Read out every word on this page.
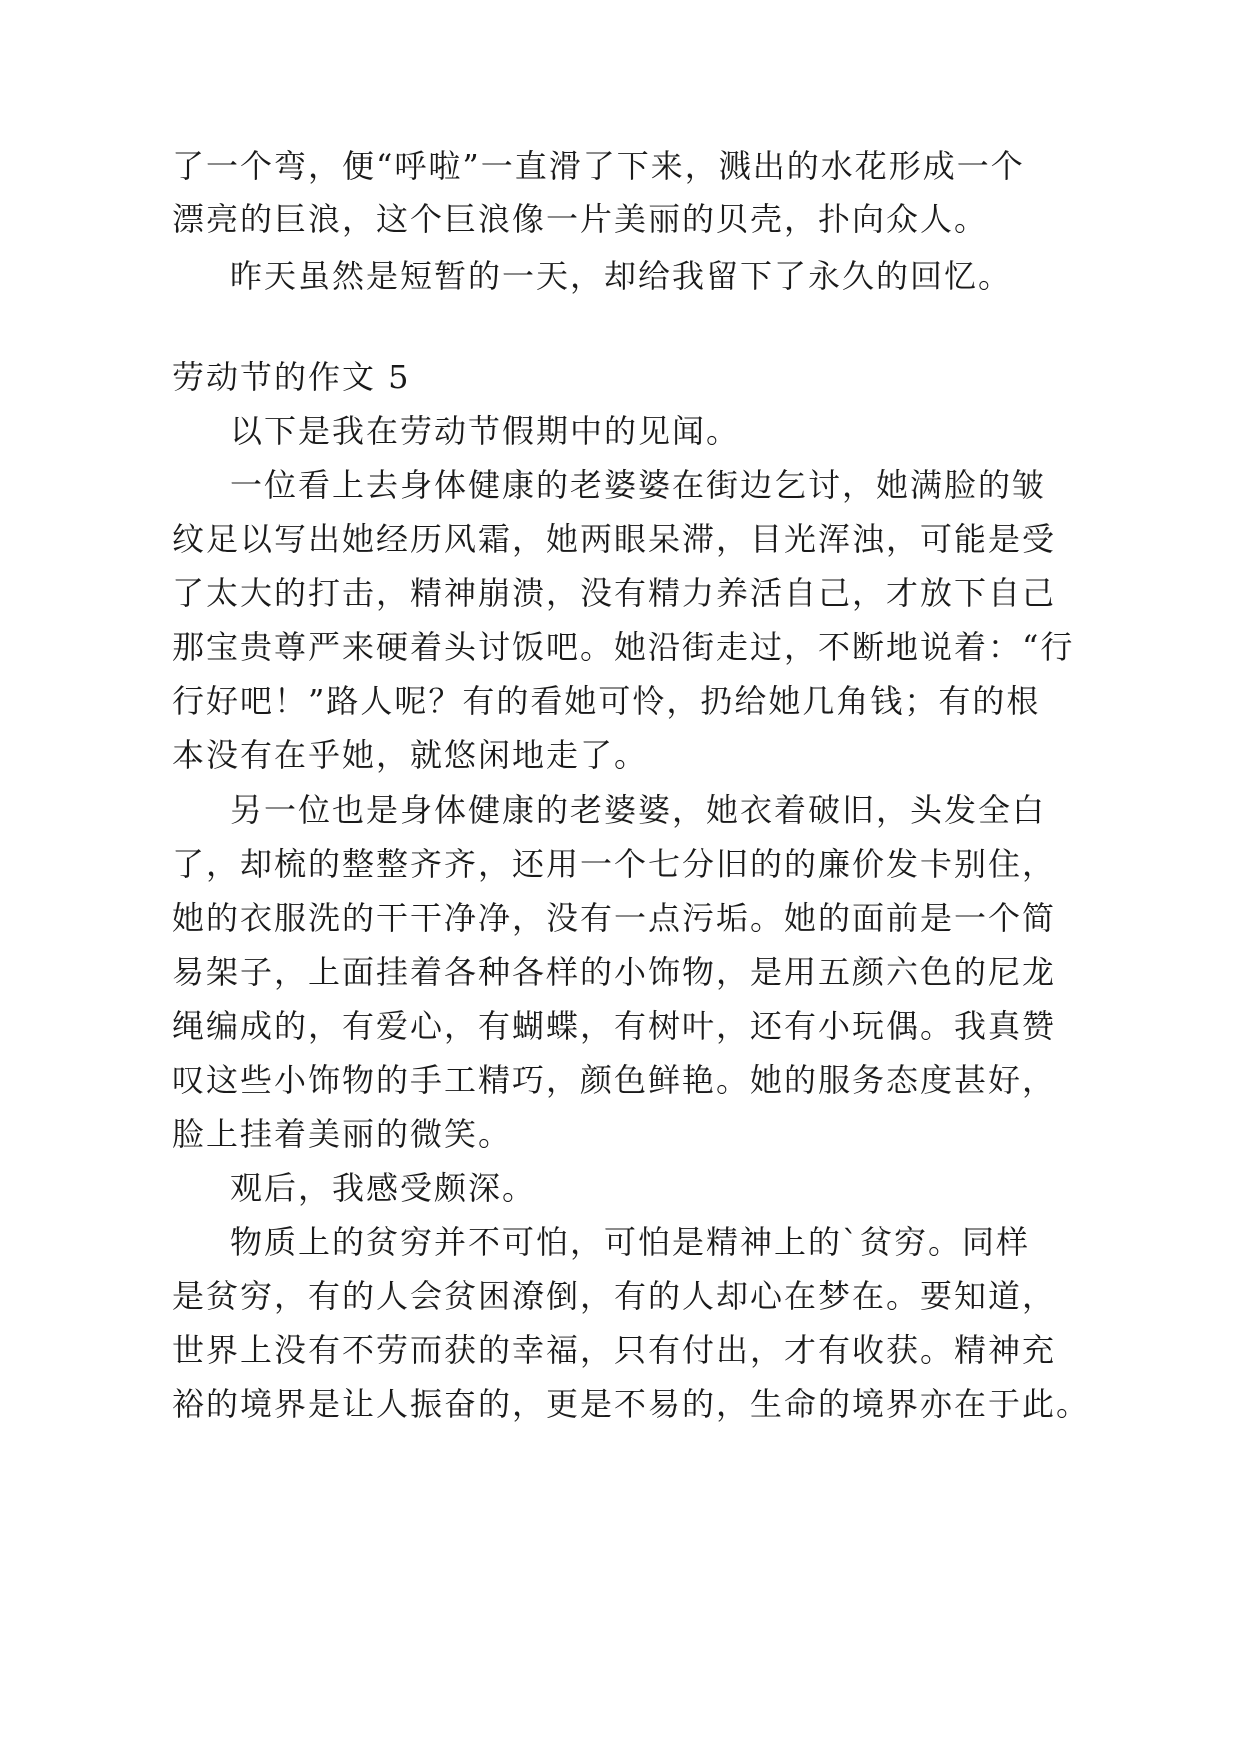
了一个弯，便“呼啦”一直滑了下来，溅出的水花形成一个
漂亮的巨浪，这个巨浪像一片美丽的贝壳，扑向众人。
昨天虽然是短暂的一天，却给我留下了永久的回忆。
劳动节的作文 5
以下是我在劳动节假期中的见闻。
一位看上去身体健康的老婆婆在街边乞讨，她满脸的皱
纹足以写出她经历风霜，她两眼呆滞，目光浑浊，可能是受
了太大的打击，精神崩溃，没有精力养活自己，才放下自己
那宝贵尊严来硬着头讨饭吧。她沿街走过，不断地说着：“行
行好吧！”路人呢？有的看她可怜，扔给她几角钱；有的根
本没有在乎她，就悠闲地走了。
另一位也是身体健康的老婆婆，她衣着破旧，头发全白
了，却梳的整整齐齐，还用一个七分旧的的廉价发卡别住，
她的衣服洗的干干净净，没有一点污垢。她的面前是一个简
易架子，上面挂着各种各样的小饰物，是用五颜六色的尼龙
绳编成的，有爱心，有蝴蝶，有树叶，还有小玩偶。我真赞
叹这些小饰物的手工精巧，颜色鲜艳。她的服务态度甚好，
脸上挂着美丽的微笑。
观后，我感受颇深。
物质上的贫穷并不可怕，可怕是精神上的`贫穷。同样
是贫穷，有的人会贫困潦倒，有的人却心在梦在。要知道，
世界上没有不劳而获的幸福，只有付出，才有收获。精神充
裕的境界是让人振奋的，更是不易的，生命的境界亦在于此。
